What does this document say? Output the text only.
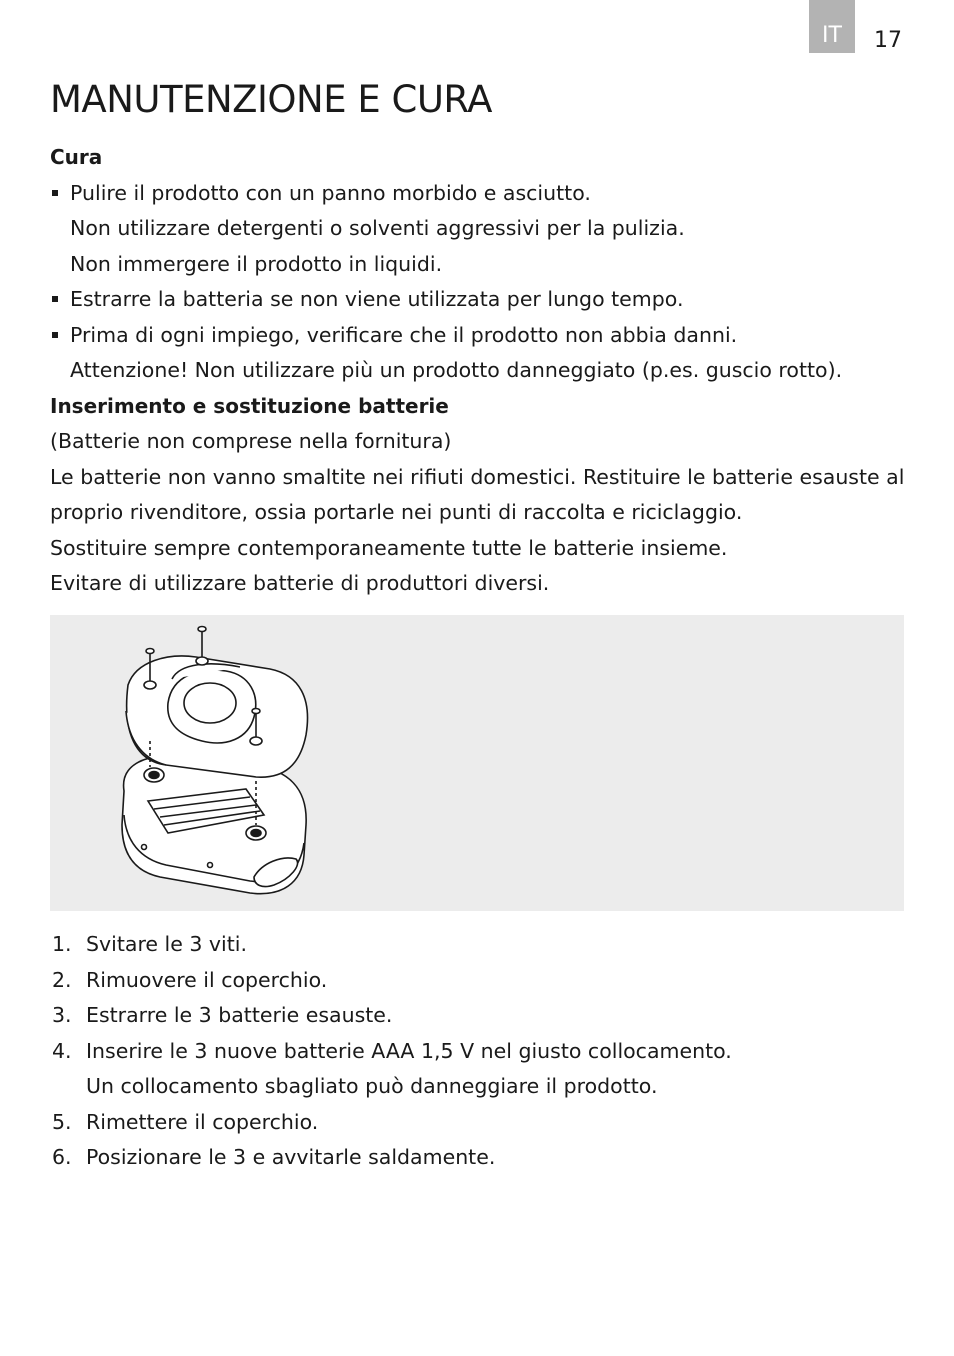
IT 17
MANUTENZIONE E CURA
Cura
Pulire il prodotto con un panno morbido e asciutto.
Non utilizzare detergenti o solventi aggressivi per la pulizia.
Non immergere il prodotto in liquidi.
Estrarre la batteria se non viene utilizzata per lungo tempo.
Prima di ogni impiego, verificare che il prodotto non abbia danni.
Attenzione! Non utilizzare più un prodotto danneggiato (p.es. guscio rotto).
Inserimento e sostituzione batterie
(Batterie non comprese nella fornitura)
Le batterie non vanno smaltite nei rifiuti domestici. Restituire le batterie esauste al
proprio rivenditore, ossia portarle nei punti di raccolta e riciclaggio.
Sostituire sempre contemporaneamente tutte le batterie insieme.
Evitare di utilizzare batterie di produttori diversi.
1. Svitare le 3 viti.
2. Rimuovere il coperchio.
3. Estrarre le 3 batterie esauste.
4. Inserire le 3 nuove batterie AAA 1,5 V nel giusto collocamento.
Un collocamento sbagliato può danneggiare il prodotto.
5. Rimettere il coperchio.
6. Posizionare le 3 e avvitarle saldamente.
